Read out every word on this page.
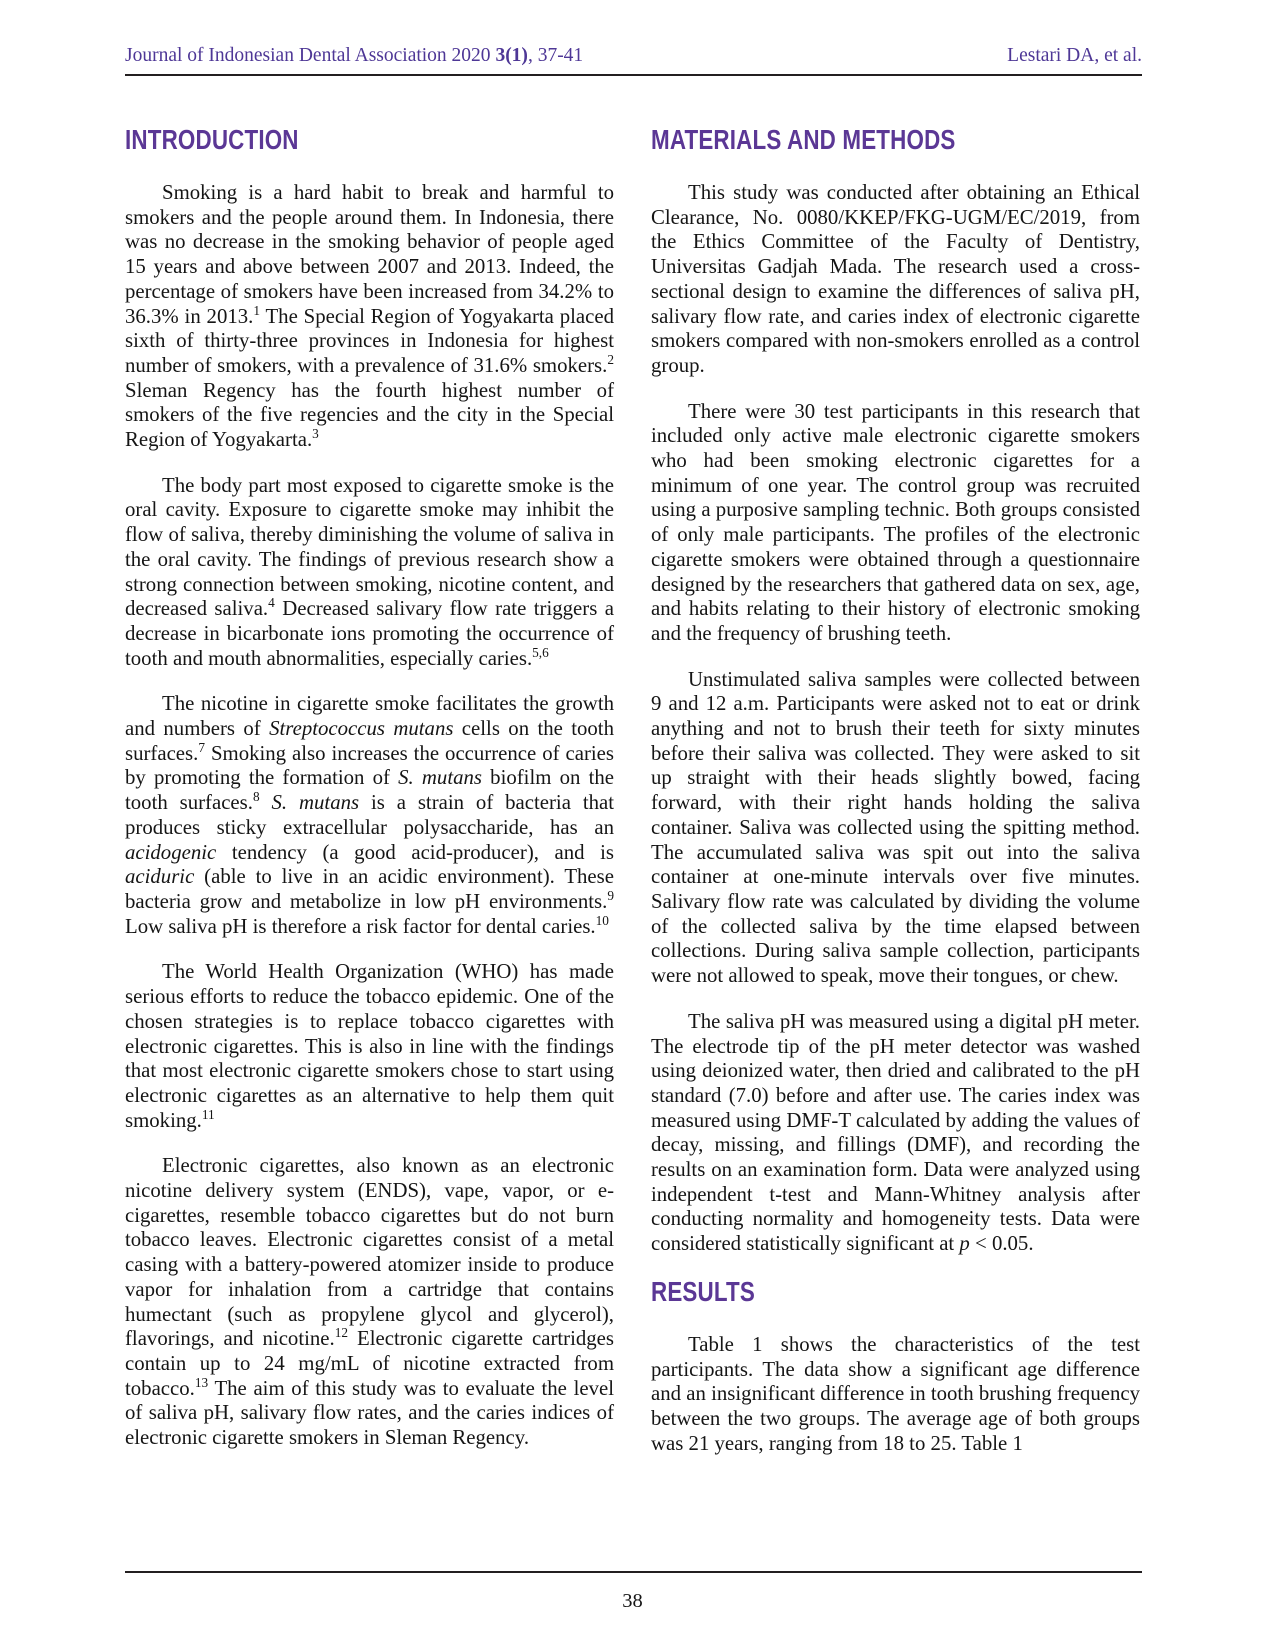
Journal of Indonesian Dental Association 2020 3(1), 37-41	Lestari DA, et al.
INTRODUCTION

Smoking is a hard habit to break and harmful to smokers and the people around them. In Indonesia, there was no decrease in the smoking behavior of people aged 15 years and above between 2007 and 2013. Indeed, the percentage of smokers have been increased from 34.2% to 36.3% in 2013.$^1$ The Special Region of Yogyakarta placed sixth of thirty-three provinces in Indonesia for highest number of smokers, with a prevalence of 31.6% smokers.$^2$ Sleman Regency has the fourth highest number of smokers of the five regencies and the city in the Special Region of Yogyakarta.$^3$

The body part most exposed to cigarette smoke is the oral cavity. Exposure to cigarette smoke may inhibit the flow of saliva, thereby diminishing the volume of saliva in the oral cavity. The findings of previous research show a strong connection between smoking, nicotine content, and decreased saliva.$^4$ Decreased salivary flow rate triggers a decrease in bicarbonate ions promoting the occurrence of tooth and mouth abnormalities, especially caries.$^{5,6}$

The nicotine in cigarette smoke facilitates the growth and numbers of Streptococcus mutans cells on the tooth surfaces.$^7$ Smoking also increases the occurrence of caries by promoting the formation of S. mutans biofilm on the tooth surfaces.$^8$ S. mutans is a strain of bacteria that produces sticky extracellular polysaccharide, has an acidogenic tendency (a good acid-producer), and is aciduric (able to live in an acidic environment). These bacteria grow and metabolize in low pH environments.$^9$ Low saliva pH is therefore a risk factor for dental caries.$^{10}$

The World Health Organization (WHO) has made serious efforts to reduce the tobacco epidemic. One of the chosen strategies is to replace tobacco cigarettes with electronic cigarettes. This is also in line with the findings that most electronic cigarette smokers chose to start using electronic cigarettes as an alternative to help them quit smoking.$^{11}$

Electronic cigarettes, also known as an electronic nicotine delivery system (ENDS), vape, vapor, or e-cigarettes, resemble tobacco cigarettes but do not burn tobacco leaves. Electronic cigarettes consist of a metal casing with a battery-powered atomizer inside to produce vapor for inhalation from a cartridge that contains humectant (such as propylene glycol and glycerol), flavorings, and nicotine.$^{12}$ Electronic cigarette cartridges contain up to 24 mg/mL of nicotine extracted from tobacco.$^{13}$ The aim of this study was to evaluate the level of saliva pH, salivary flow rates, and the caries indices of electronic cigarette smokers in Sleman Regency.

MATERIALS AND METHODS

This study was conducted after obtaining an Ethical Clearance, No. 0080/KKEP/FKG-UGM/EC/2019, from the Ethics Committee of the Faculty of Dentistry, Universitas Gadjah Mada. The research used a cross-sectional design to examine the differences of saliva pH, salivary flow rate, and caries index of electronic cigarette smokers compared with non-smokers enrolled as a control group.

There were 30 test participants in this research that included only active male electronic cigarette smokers who had been smoking electronic cigarettes for a minimum of one year. The control group was recruited using a purposive sampling technic. Both groups consisted of only male participants. The profiles of the electronic cigarette smokers were obtained through a questionnaire designed by the researchers that gathered data on sex, age, and habits relating to their history of electronic smoking and the frequency of brushing teeth.

Unstimulated saliva samples were collected between 9 and 12 a.m. Participants were asked not to eat or drink anything and not to brush their teeth for sixty minutes before their saliva was collected. They were asked to sit up straight with their heads slightly bowed, facing forward, with their right hands holding the saliva container. Saliva was collected using the spitting method. The accumulated saliva was spit out into the saliva container at one-minute intervals over five minutes. Salivary flow rate was calculated by dividing the volume of the collected saliva by the time elapsed between collections. During saliva sample collection, participants were not allowed to speak, move their tongues, or chew.

The saliva pH was measured using a digital pH meter. The electrode tip of the pH meter detector was washed using deionized water, then dried and calibrated to the pH standard (7.0) before and after use. The caries index was measured using DMF-T calculated by adding the values of decay, missing, and fillings (DMF), and recording the results on an examination form. Data were analyzed using independent t-test and Mann-Whitney analysis after conducting normality and homogeneity tests. Data were considered statistically significant at p < 0.05.

RESULTS

Table 1 shows the characteristics of the test participants. The data show a significant age difference and an insignificant difference in tooth brushing frequency between the two groups. The average age of both groups was 21 years, ranging from 18 to 25. Table 1

38
